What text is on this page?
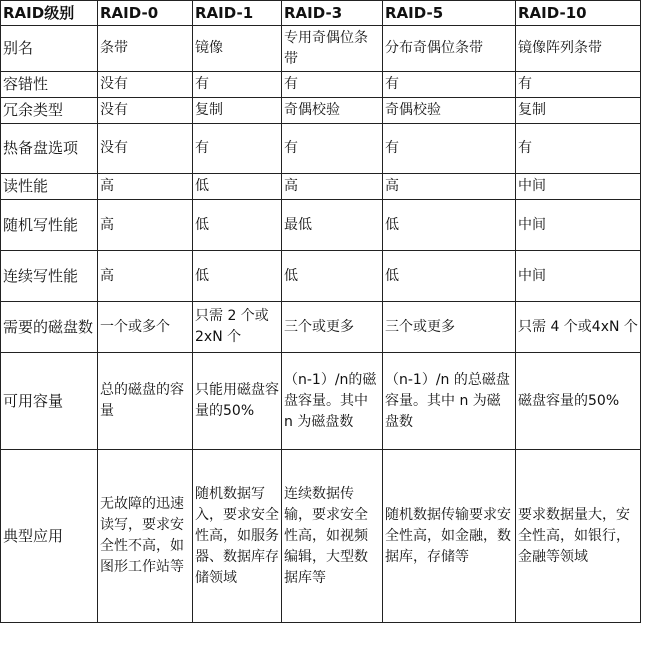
RAID级别	RAID-0	RAID-1	RAID-3	RAID-5	RAID-10
别名	条带	镜像	专用奇偶位条带	分布奇偶位条带	镜像阵列条带
容错性	没有	有	有	有	有
冗余类型	没有	复制	奇偶校验	奇偶校验	复制
热备盘选项	没有	有	有	有	有
读性能	高	低	高	高	中间
随机写性能	高	低	最低	低	中间
连续写性能	高	低	低	低	中间
需要的磁盘数	一个或多个	只需 2 个或 2xN 个	三个或更多	三个或更多	只需 4 个或4xN 个
可用容量	总的磁盘的容量	只能用磁盘容量的50%	（n-1）/n的磁盘容量。其中 n 为磁盘数	（n-1）/n 的总磁盘容量。其中 n 为磁盘数	磁盘容量的50%
典型应用	无故障的迅速读写，要求安全性不高，如图形工作站等	随机数据写入，要求安全性高，如服务器、数据库存储领域	连续数据传输，要求安全性高，如视频编辑，大型数据库等	随机数据传输要求安全性高，如金融，数据库，存储等	要求数据量大，安全性高，如银行，金融等领域
